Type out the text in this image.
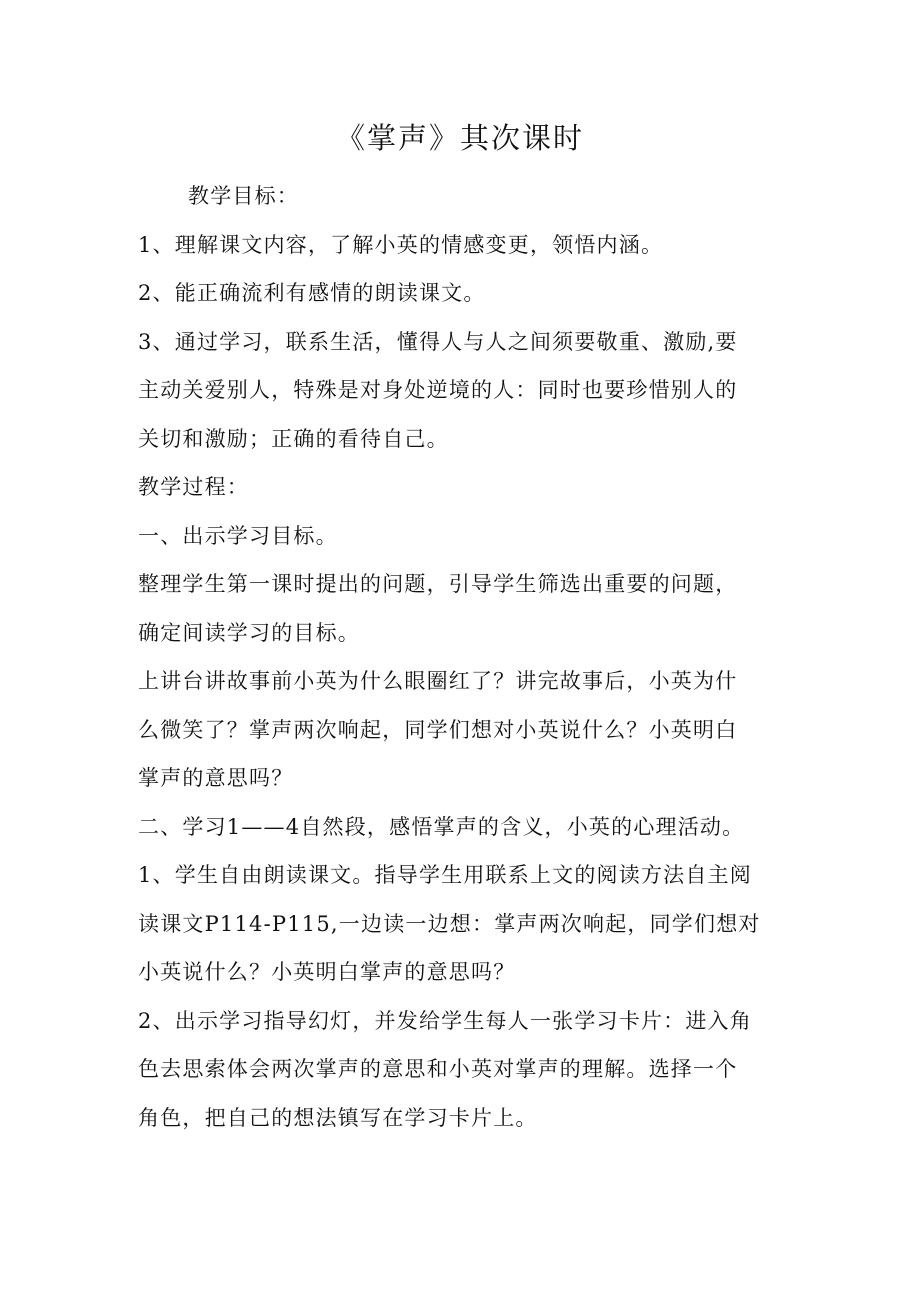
《掌声》其次课时
教学目标：
1、理解课文内容，了解小英的情感变更，领悟内涵。
2、能正确流利有感情的朗读课文。
3、通过学习，联系生活，懂得人与人之间须要敬重、激励,要
主动关爱别人，特殊是对身处逆境的人：同时也要珍惜别人的
关切和激励；正确的看待自己。
教学过程：
一、出示学习目标。
整理学生第一课时提出的问题，引导学生筛选出重要的问题，
确定间读学习的目标。
上讲台讲故事前小英为什么眼圈红了？讲完故事后，小英为什
么微笑了？掌声两次响起，同学们想对小英说什么？小英明白
掌声的意思吗？
二、学习1——4自然段，感悟掌声的含义，小英的心理活动。
1、学生自由朗读课文。指导学生用联系上文的阅读方法自主阅
读课文P114-P115,一边读一边想：掌声两次响起，同学们想对
小英说什么？小英明白掌声的意思吗？
2、出示学习指导幻灯，并发给学生每人一张学习卡片：进入角
色去思索体会两次掌声的意思和小英对掌声的理解。选择一个
角色，把自己的想法镇写在学习卡片上。
